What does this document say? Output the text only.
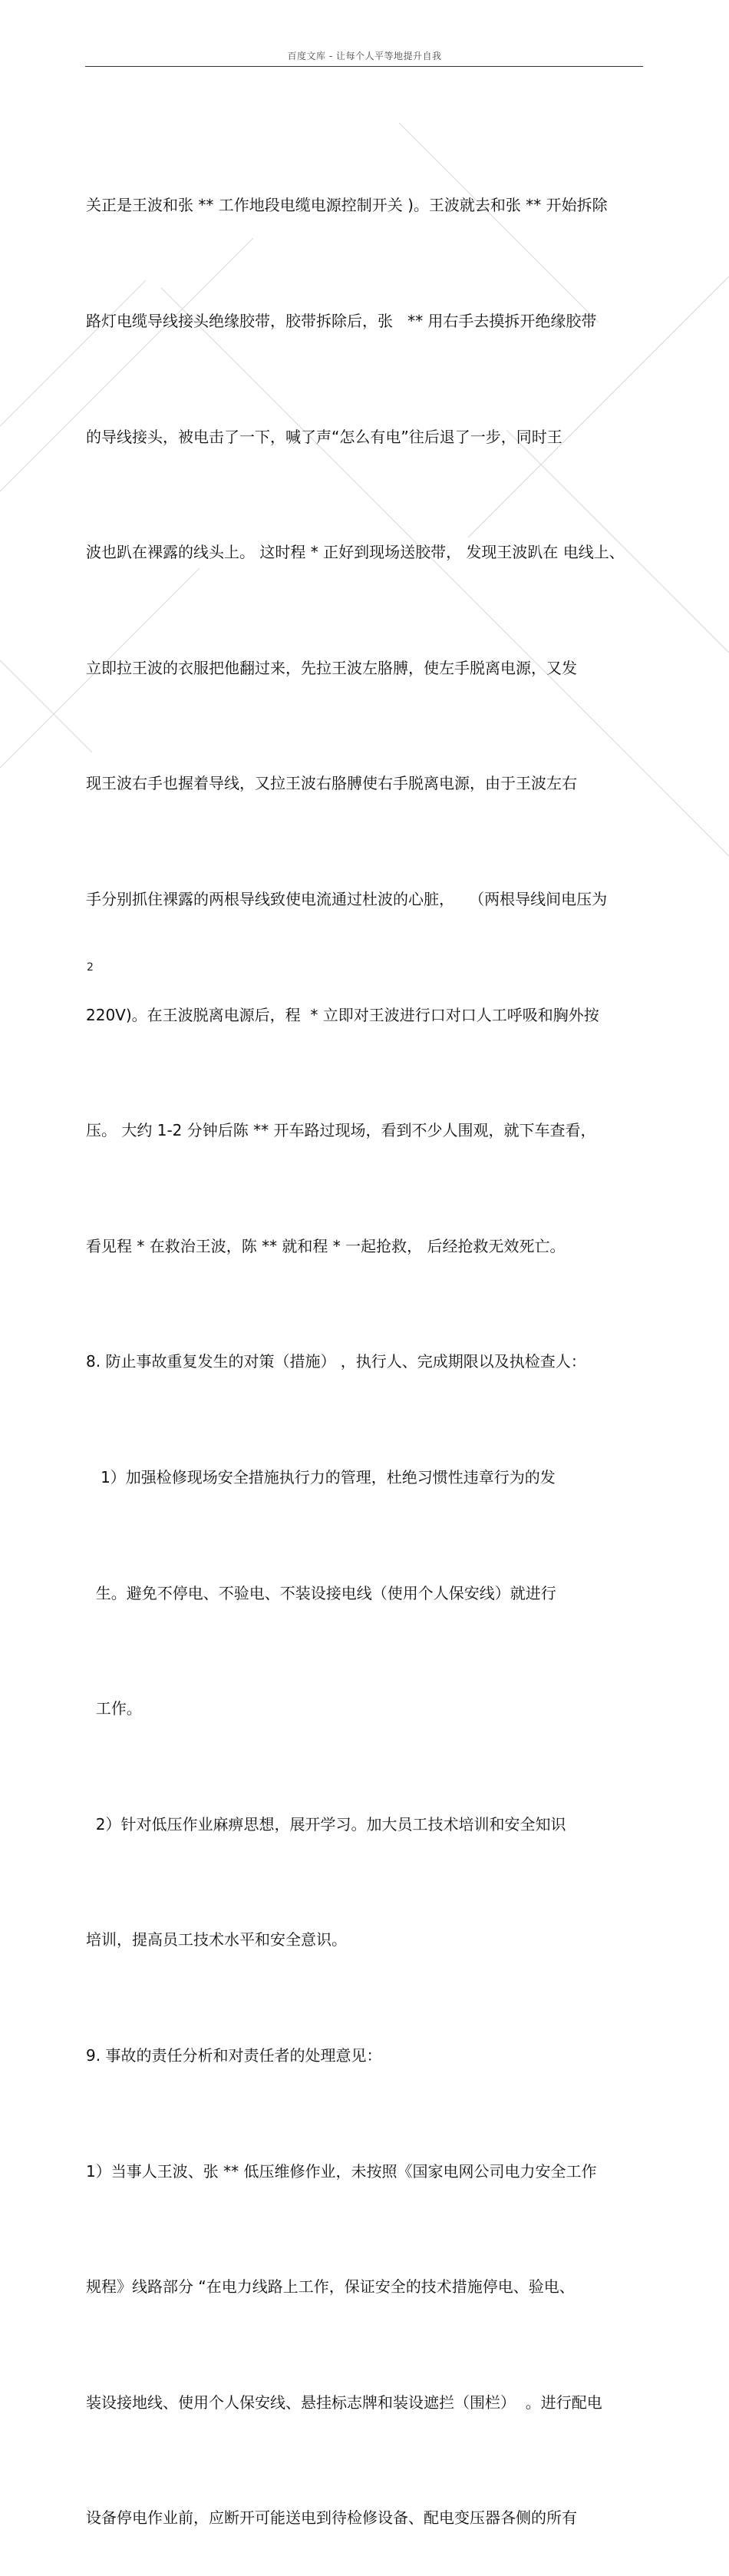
百度文库 - 让每个人平等地提升自我

关正是王波和张 ** 工作地段电缆电源控制开关 )。王波就去和张 ** 开始拆除

路灯电缆导线接头绝缘胶带，胶带拆除后，张   ** 用右手去摸拆开绝缘胶带

的导线接头，被电击了一下，喊了声“怎么有电”往后退了一步，同时王

波也趴在裸露的线头上。 这时程 * 正好到现场送胶带， 发现王波趴在 电线上、

立即拉王波的衣服把他翻过来，先拉王波左胳膊，使左手脱离电源，又发

现王波右手也握着导线，又拉王波右胳膊使右手脱离电源，由于王波左右

手分别抓住裸露的两根导线致使电流通过杜波的心脏，   （两根导线间电压为

220V)。在王波脱离电源后，程  * 立即对王波进行口对口人工呼吸和胸外按

压。 大约 1-2 分钟后陈 ** 开车路过现场，看到不少人围观，就下车查看，

看见程 * 在救治王波，陈 ** 就和程 * 一起抢救， 后经抢救无效死亡。

8. 防止事故重复发生的对策（措施） ，执行人、完成期限以及执检查人：

1）加强检修现场安全措施执行力的管理，杜绝习惯性违章行为的发

生。避免不停电、不验电、不装设接电线（使用个人保安线）就进行

工作。

2）针对低压作业麻痹思想，展开学习。加大员工技术培训和安全知识

培训，提高员工技术水平和安全意识。

9. 事故的责任分析和对责任者的处理意见：

1）当事人王波、张 ** 低压维修作业，未按照《国家电网公司电力安全工作

规程》线路部分 “在电力线路上工作，保证安全的技术措施停电、验电、

装设接地线、使用个人保安线、悬挂标志牌和装设遮拦（围栏）  。进行配电

设备停电作业前，应断开可能送电到待检修设备、配电变压器各侧的所有

2
